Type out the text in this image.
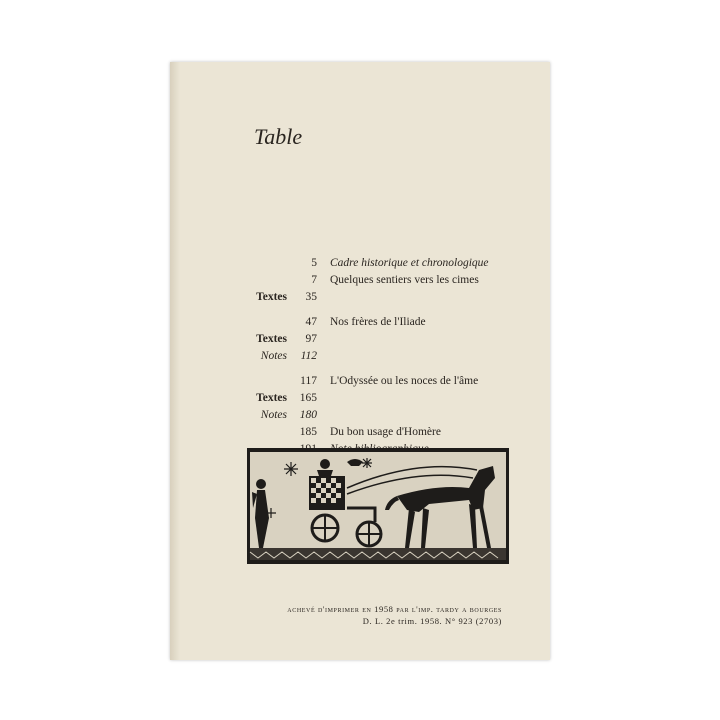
Table
5 Cadre historique et chronologique
7 Quelques sentiers vers les cimes
Textes	35
47 Nos frères de l'Iliade
Textes	97
Notes	112
117 L'Odyssée ou les noces de l'âme
Textes	165
Notes	180
185 Du bon usage d'Homère
achevé d'imprimer en 1958 par l'imp. tardy a bourges
D. L. 2e trim. 1958. N° 923 (2703)
